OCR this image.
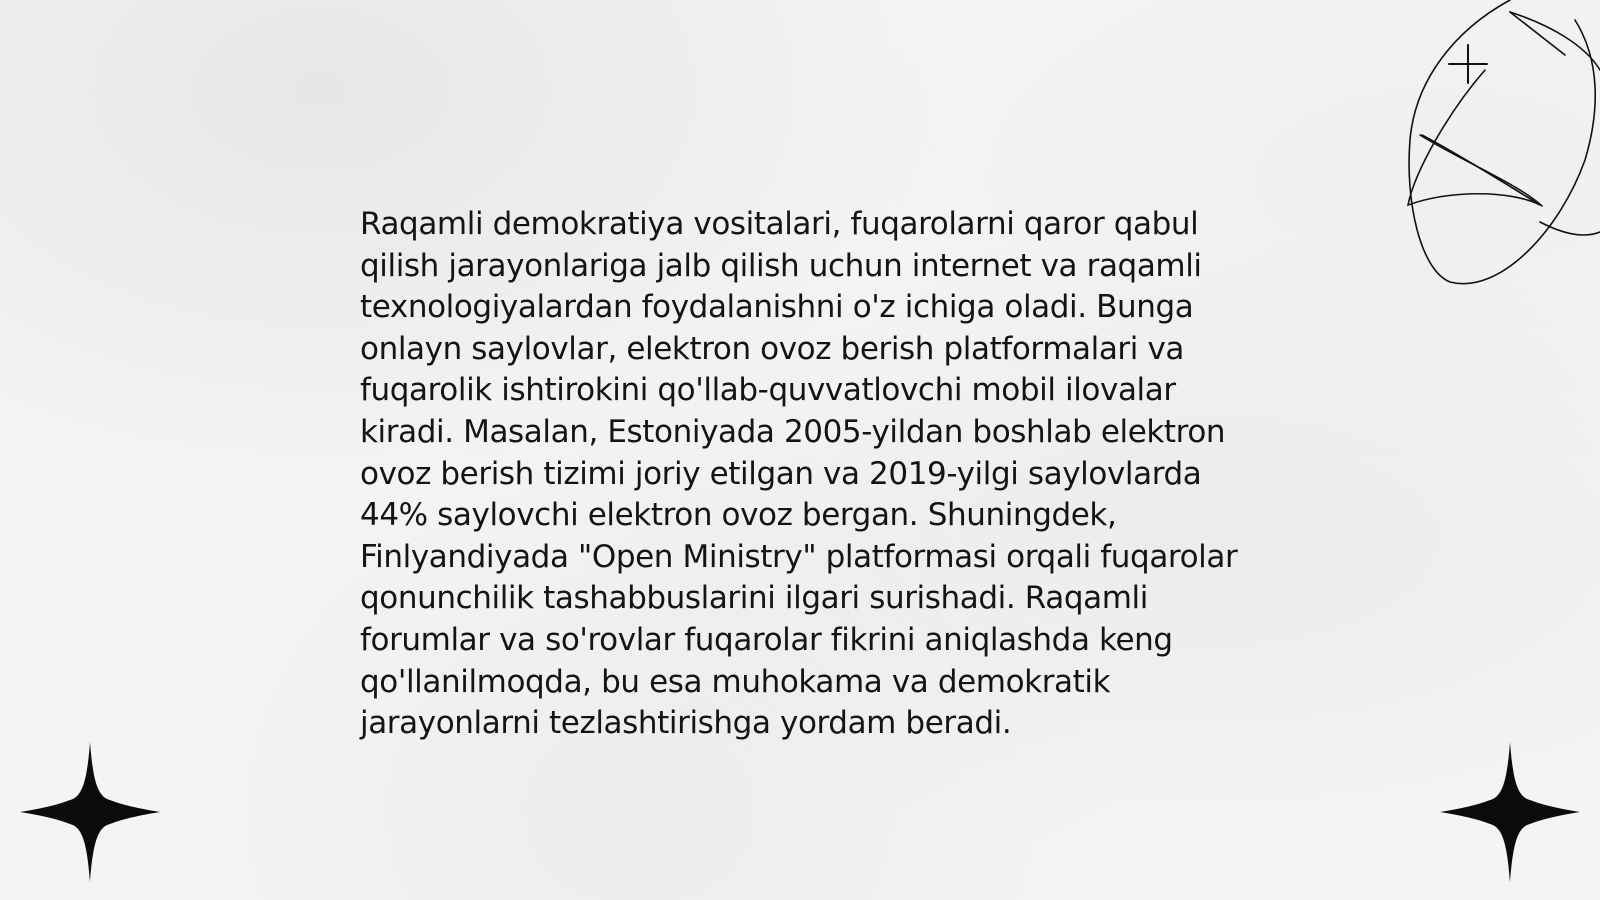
Raqamli demokratiya vositalari, fuqarolarni qaror qabul qilish jarayonlariga jalb qilish uchun internet va raqamli texnologiyalardan foydalanishni o'z ichiga oladi. Bunga onlayn saylovlar, elektron ovoz berish platformalari va fuqarolik ishtirokini qo'llab-quvvatlovchi mobil ilovalar kiradi. Masalan, Estoniyada 2005-yildan boshlab elektron ovoz berish tizimi joriy etilgan va 2019-yilgi saylovlarda 44% saylovchi elektron ovoz bergan. Shuningdek, Finlyandiyada "Open Ministry" platformasi orqali fuqarolar qonunchilik tashabbuslarini ilgari surishadi. Raqamli forumlar va so'rovlar fuqarolar fikrini aniqlashda keng qo'llanilmoqda, bu esa muhokama va demokratik jarayonlarni tezlashtirishga yordam beradi.
